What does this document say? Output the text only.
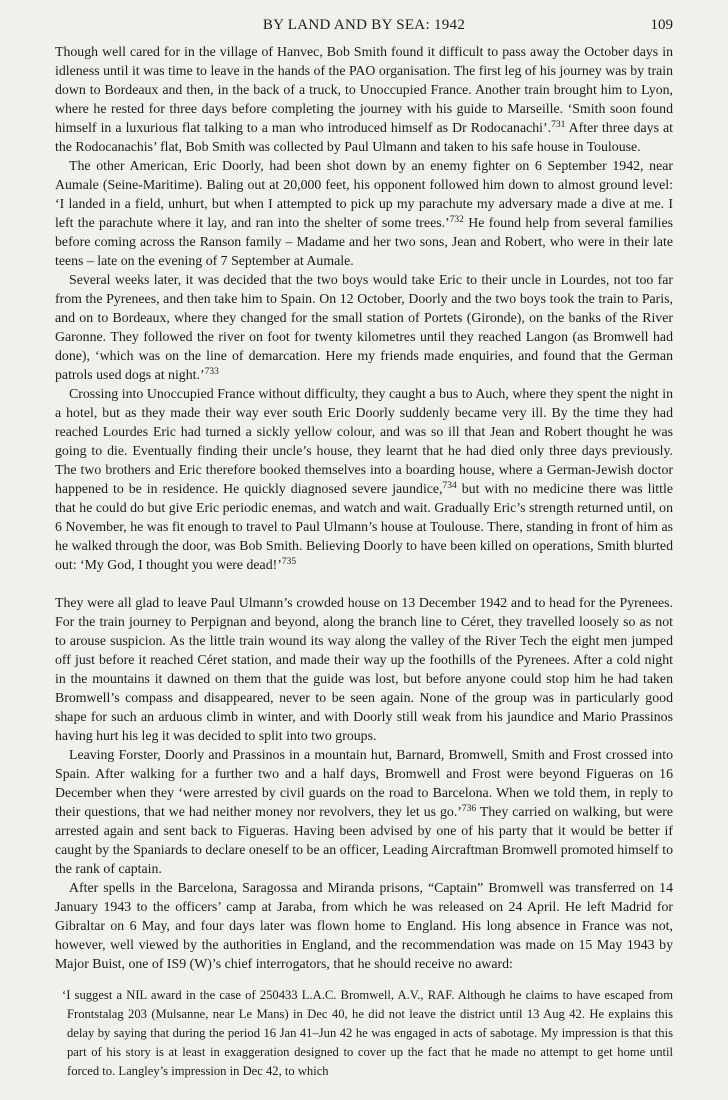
BY LAND AND BY SEA: 1942	109

Though well cared for in the village of Hanvec, Bob Smith found it difficult to pass away the October days in idleness until it was time to leave in the hands of the PAO organisation. The first leg of his journey was by train down to Bordeaux and then, in the back of a truck, to Unoccupied France. Another train brought him to Lyon, where he rested for three days before completing the journey with his guide to Marseille. ‘Smith soon found himself in a luxurious flat talking to a man who introduced himself as Dr Rodocanachi’.$^{731}$ After three days at the Rodocanachis’ flat, Bob Smith was collected by Paul Ulmann and taken to his safe house in Toulouse.

The other American, Eric Doorly, had been shot down by an enemy fighter on 6 September 1942, near Aumale (Seine-Maritime). Baling out at 20,000 feet, his opponent followed him down to almost ground level: ‘I landed in a field, unhurt, but when I attempted to pick up my parachute my adversary made a dive at me. I left the parachute where it lay, and ran into the shelter of some trees.’$^{732}$ He found help from several families before coming across the Ranson family – Madame and her two sons, Jean and Robert, who were in their late teens – late on the evening of 7 September at Aumale.

Several weeks later, it was decided that the two boys would take Eric to their uncle in Lourdes, not too far from the Pyrenees, and then take him to Spain. On 12 October, Doorly and the two boys took the train to Paris, and on to Bordeaux, where they changed for the small station of Portets (Gironde), on the banks of the River Garonne. They followed the river on foot for twenty kilometres until they reached Langon (as Bromwell had done), ‘which was on the line of demarcation. Here my friends made enquiries, and found that the German patrols used dogs at night.’$^{733}$

Crossing into Unoccupied France without difficulty, they caught a bus to Auch, where they spent the night in a hotel, but as they made their way ever south Eric Doorly suddenly became very ill. By the time they had reached Lourdes Eric had turned a sickly yellow colour, and was so ill that Jean and Robert thought he was going to die. Eventually finding their uncle’s house, they learnt that he had died only three days previously. The two brothers and Eric therefore booked themselves into a boarding house, where a German-Jewish doctor happened to be in residence. He quickly diagnosed severe jaundice,$^{734}$ but with no medicine there was little that he could do but give Eric periodic enemas, and watch and wait. Gradually Eric’s strength returned until, on 6 November, he was fit enough to travel to Paul Ulmann’s house at Toulouse. There, standing in front of him as he walked through the door, was Bob Smith. Believing Doorly to have been killed on operations, Smith blurted out: ‘My God, I thought you were dead!’$^{735}$

They were all glad to leave Paul Ulmann’s crowded house on 13 December 1942 and to head for the Pyrenees. For the train journey to Perpignan and beyond, along the branch line to Céret, they travelled loosely so as not to arouse suspicion. As the little train wound its way along the valley of the River Tech the eight men jumped off just before it reached Céret station, and made their way up the foothills of the Pyrenees. After a cold night in the mountains it dawned on them that the guide was lost, but before anyone could stop him he had taken Bromwell’s compass and disappeared, never to be seen again. None of the group was in particularly good shape for such an arduous climb in winter, and with Doorly still weak from his jaundice and Mario Prassinos having hurt his leg it was decided to split into two groups.

Leaving Forster, Doorly and Prassinos in a mountain hut, Barnard, Bromwell, Smith and Frost crossed into Spain. After walking for a further two and a half days, Bromwell and Frost were beyond Figueras on 16 December when they ‘were arrested by civil guards on the road to Barcelona. When we told them, in reply to their questions, that we had neither money nor revolvers, they let us go.’$^{736}$ They carried on walking, but were arrested again and sent back to Figueras. Having been advised by one of his party that it would be better if caught by the Spaniards to declare oneself to be an officer, Leading Aircraftman Bromwell promoted himself to the rank of captain.

After spells in the Barcelona, Saragossa and Miranda prisons, “Captain” Bromwell was transferred on 14 January 1943 to the officers’ camp at Jaraba, from which he was released on 24 April. He left Madrid for Gibraltar on 6 May, and four days later was flown home to England. His long absence in France was not, however, well viewed by the authorities in England, and the recommendation was made on 15 May 1943 by Major Buist, one of IS9 (W)’s chief interrogators, that he should receive no award:

‘I suggest a NIL award in the case of 250433 L.A.C. Bromwell, A.V., RAF. Although he claims to have escaped from Frontstalag 203 (Mulsanne, near Le Mans) in Dec 40, he did not leave the district until 13 Aug 42. He explains this delay by saying that during the period 16 Jan 41–Jun 42 he was engaged in acts of sabotage. My impression is that this part of his story is at least in exaggeration designed to cover up the fact that he made no attempt to get home until forced to. Langley’s impression in Dec 42, to which
